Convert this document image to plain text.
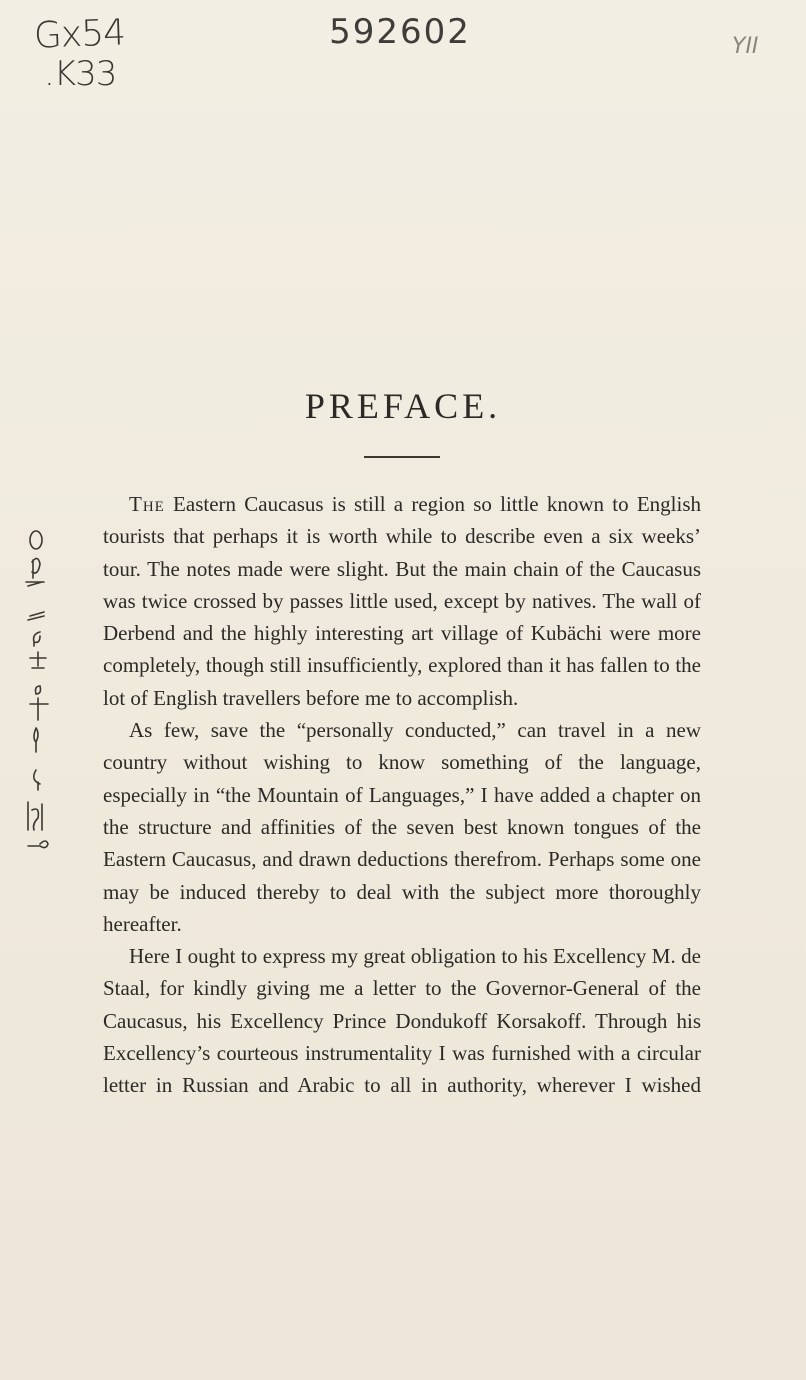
Gx54
.K33
592602	YII
PREFACE.

The Eastern Caucasus is still a region so little known to English tourists that perhaps it is worth while to describe even a six weeks’ tour. The notes made were slight. But the main chain of the Caucasus was twice crossed by passes little used, except by natives. The wall of Derbend and the highly interesting art village of Kubächi were more completely, though still insufficiently, explored than it has fallen to the lot of English travellers before me to accomplish.

As few, save the “personally conducted,” can travel in a new country without wishing to know something of the language, especially in “the Mountain of Languages,” I have added a chapter on the structure and affinities of the seven best known tongues of the Eastern Caucasus, and drawn deductions therefrom. Perhaps some one may be induced thereby to deal with the subject more thoroughly hereafter.

Here I ought to express my great obligation to his Excellency M. de Staal, for kindly giving me a letter to the Governor-General of the Caucasus, his Excellency Prince Dondukoff Korsakoff. Through his Excellency’s courteous instrumentality I was furnished with a circular letter in Russian and Arabic to all in authority, wherever I wished
